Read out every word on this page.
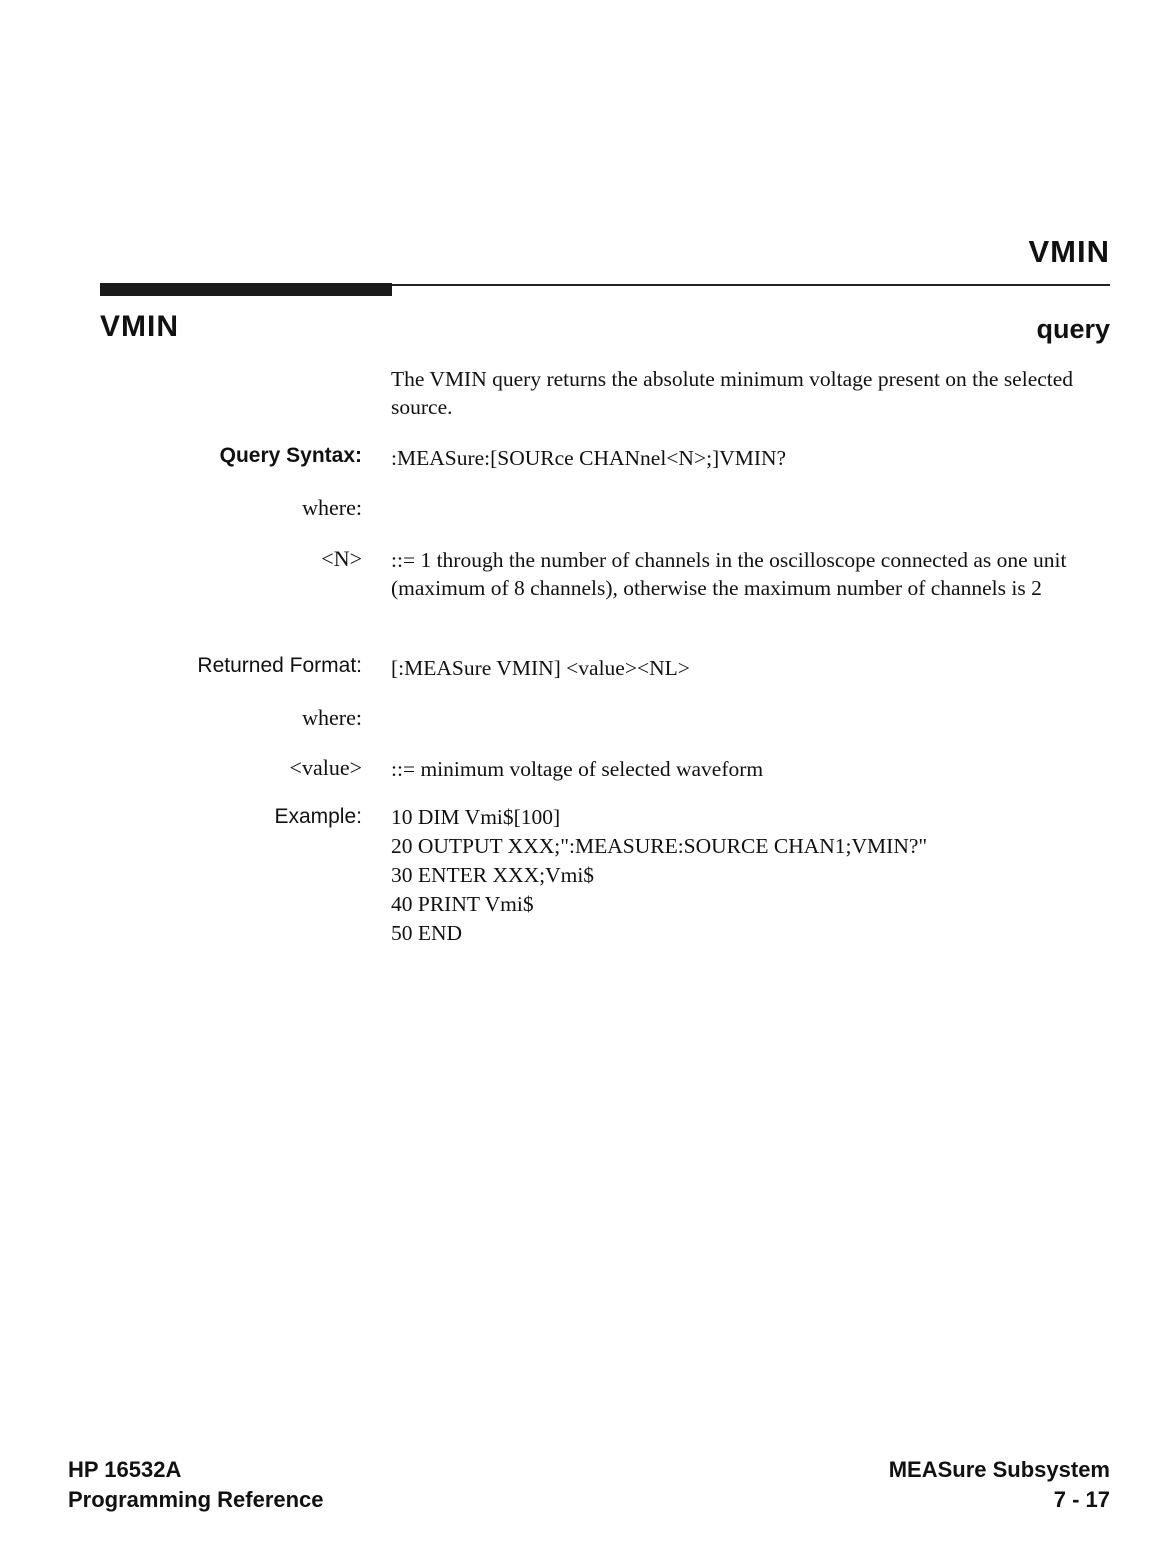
VMIN
VMIN	query
The VMIN query returns the absolute minimum voltage present on the selected source.
Query Syntax: :MEASure:[SOURce CHANnel<N>;]VMIN?
where:
<N> ::= 1 through the number of channels in the oscilloscope connected as one unit (maximum of 8 channels), otherwise the maximum number of channels is 2
Returned Format: [:MEASure VMIN] <value><NL>
where:
<value> ::= minimum voltage of selected waveform
Example: 10 DIM Vmi$[100]
20 OUTPUT XXX;":MEASURE:SOURCE CHAN1;VMIN?"
30 ENTER XXX;Vmi$
40 PRINT Vmi$
50 END
HP 16532A
Programming Reference
MEASure Subsystem
7 - 17
